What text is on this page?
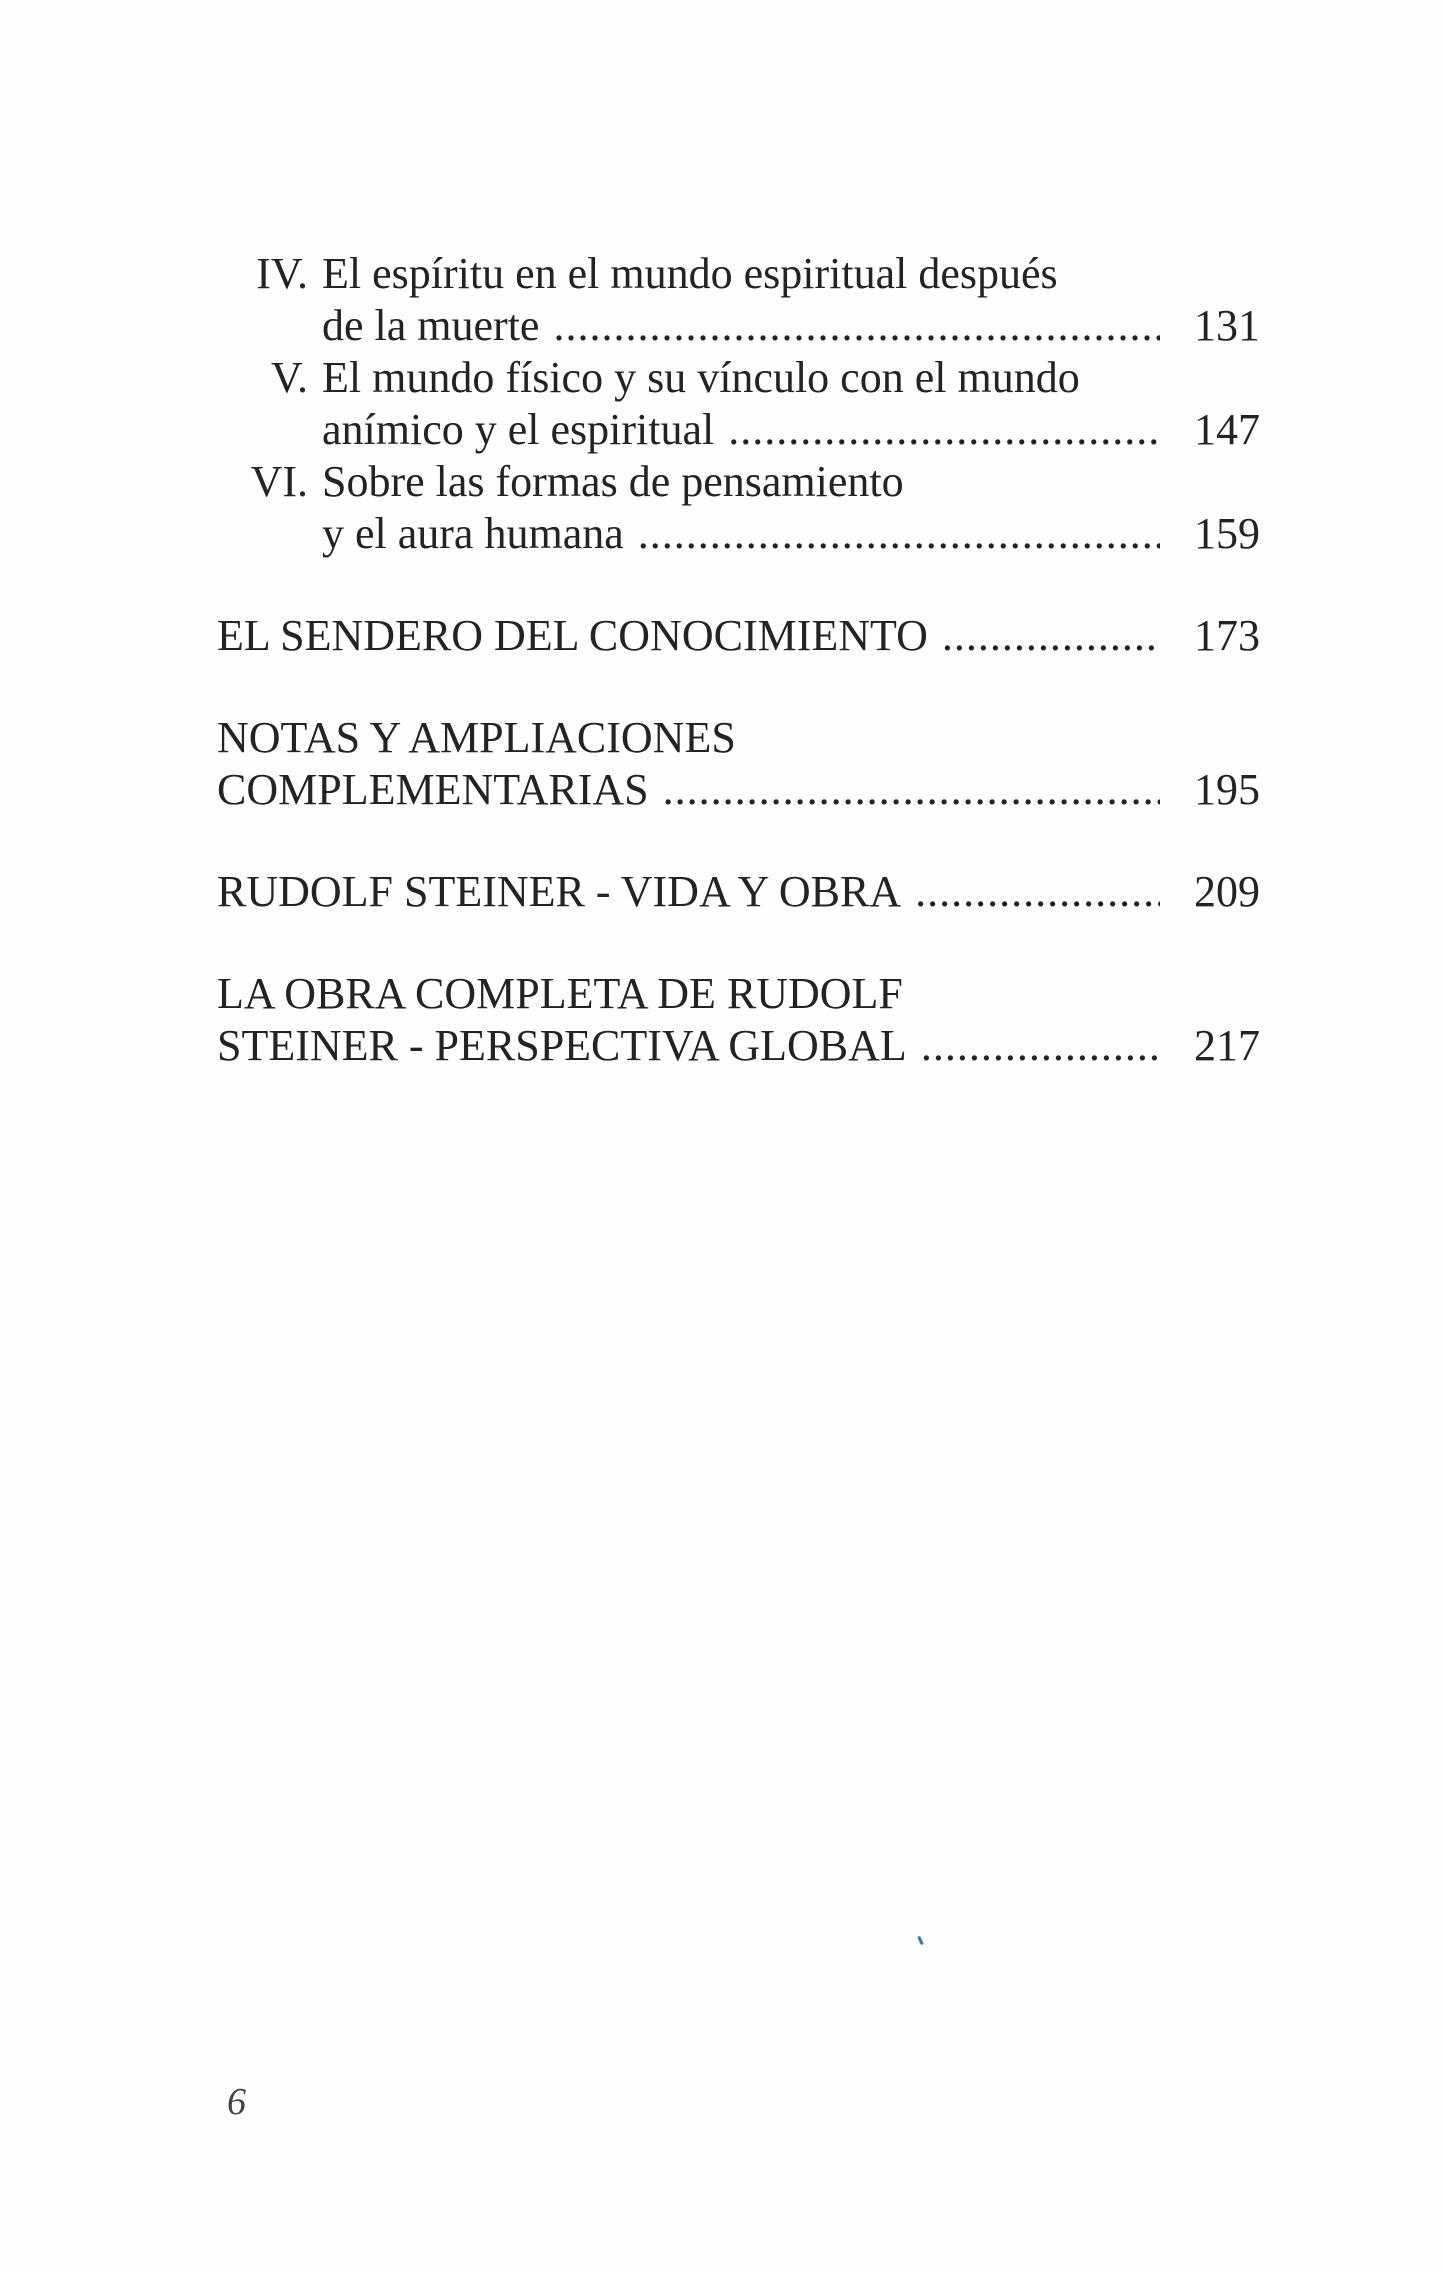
IV. El espíritu en el mundo espiritual después
de la muerte .....	131
V. El mundo físico y su vínculo con el mundo
anímico y el espiritual .....	147
VI. Sobre las formas de pensamiento
y el aura humana .....	159
EL SENDERO DEL CONOCIMIENTO .....	173
NOTAS Y AMPLIACIONES
COMPLEMENTARIAS .....	195
RUDOLF STEINER - VIDA Y OBRA .....	209
LA OBRA COMPLETA DE RUDOLF
STEINER - PERSPECTIVA GLOBAL .....	217
6
